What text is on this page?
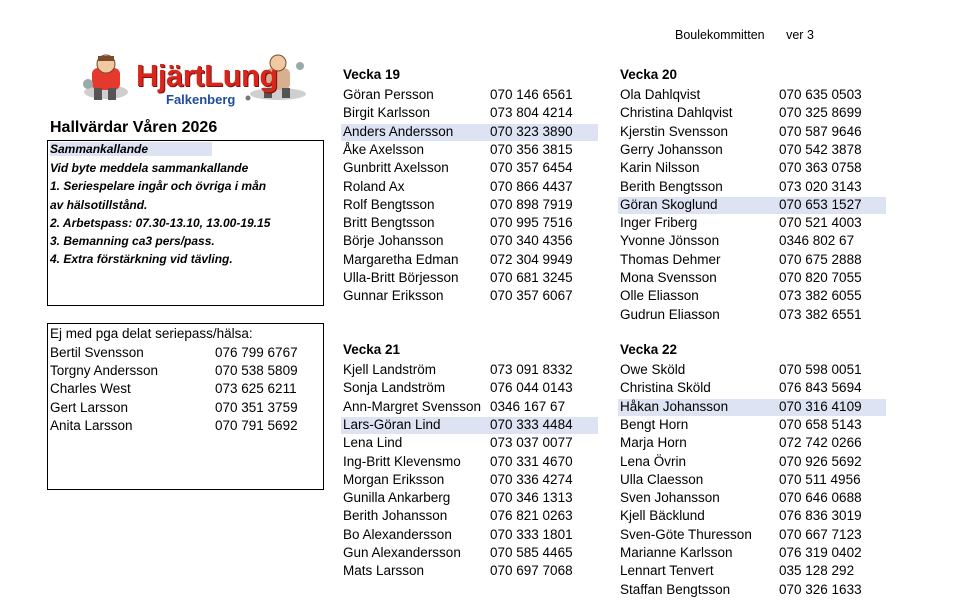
Boulekommitten ver 3
HjärtLung
Falkenberg
Hallvärdar Våren 2026
Sammankallande
Vid byte meddela sammankallande
1. Seriespelare ingår och övriga i mån
av hälsotillstånd.
2. Arbetspass: 07.30-13.10, 13.00-19.15
3. Bemanning ca3 pers/pass.
4. Extra förstärkning vid tävling.
Ej med pga delat seriepass/hälsa:
Bertil Svensson	076 799 6767
Torgny Andersson	070 538 5809
Charles West	073 625 6211
Gert Larsson	070 351 3759
Anita Larsson	070 791 5692
Vecka 19
Göran Persson	070 146 6561
Birgit Karlsson	073 804 4214
Anders Andersson	070 323 3890
Åke Axelsson	070 356 3815
Gunbritt Axelsson	070 357 6454
Roland Ax	070 866 4437
Rolf Bengtsson	070 898 7919
Britt Bengtsson	070 995 7516
Börje Johansson	070 340 4356
Margaretha Edman 072 304 9949
Ulla-Britt Börjesson 070 681 3245
Gunnar Eriksson	070 357 6067
Vecka 20
Ola Dahlqvist	070 635 0503
Christina Dahlqvist	070 325 8699
Kjerstin Svensson	070 587 9646
Gerry Johansson	070 542 3878
Karin Nilsson	070 363 0758
Berith Bengtsson	073 020 3143
Göran Skoglund	070 653 1527
Inger Friberg	070 521 4003
Yvonne Jönsson	0346 802 67
Thomas Dehmer	070 675 2888
Mona Svensson	070 820 7055
Olle Eliasson	073 382 6055
Gudrun Eliasson	073 382 6551
Vecka 21
Kjell Landström	073 091 8332
Sonja Landström	076 044 0143
Ann-Margret Svensson 0346 167 67
Lars-Göran Lind	070 333 4484
Lena Lind	073 037 0077
Ing-Britt Klevensmo 070 331 4670
Morgan Eriksson	070 336 4274
Gunilla Ankarberg	070 346 1313
Berith Johansson	076 821 0263
Bo Alexandersson	070 333 1801
Gun Alexandersson 070 585 4465
Mats Larsson	070 697 7068
Vecka 22
Owe Sköld	070 598 0051
Christina Sköld	076 843 5694
Håkan Johansson	070 316 4109
Bengt Horn	070 658 5143
Marja Horn	072 742 0266
Lena Övrin	070 926 5692
Ulla Claesson	070 511 4956
Sven Johansson	070 646 0688
Kjell Bäcklund	076 836 3019
Sven-Göte Thuresson 070 667 7123
Marianne Karlsson	076 319 0402
Lennart Tenvert	035 128 292
Staffan Bengtsson	070 326 1633
